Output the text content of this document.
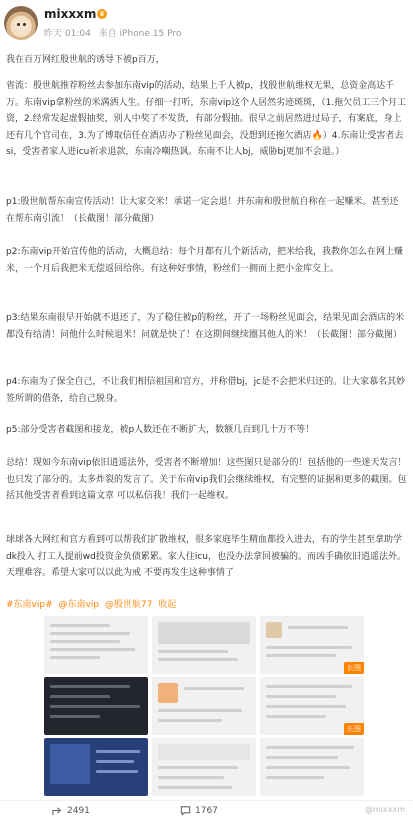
mixxxm ♛
昨天 01:04 来自 iPhone 15 Pro
我在百万网红殷世航的诱导下被p百万，
省流：殷世航推荐粉丝去参加东南vip的活动，结果上千人被p，找殷世航维权无果，总资金高达千万。东南vip拿粉丝的米满洒人生。仔细一打听，东南vip这个人居然劣迹斑斑，（1.拖欠员工三个月工资，2.经常发起虚假抽奖，别人中奖了不发货，有部分假抽。很早之前居然进过局子，有案底，身上还有几个官司在，3.为了博取信任在酒店办了粉丝见面会，没想到还拖欠酒店🔥）4.东南让受害者去si，受害者家人进icu祈求退款，东南冷嘲热讽。东南不让人bj，威胁bj更加不会退。）
p1:殷世航帮东南宣传活动！让大家交米！承诺一定会退！并东南和殷世航自称在一起赚米。甚至还在帮东南引流！（长截图！部分截图）
p2:东南vip开始宣传他的活动，大概总结：每个月都有几个新活动，把米给我，我教你怎么在网上赚米，一个月后我把米无偿返回给你。有这种好事情，粉丝们一拥而上把小金库交上。
p3:结果东南很早开始就不退还了，为了稳住被p的粉丝，开了一场粉丝见面会，结果见面会酒店的米都没有结清！问他什么时候退米！问就是快了！在这期间继续圈其他人的米！（长截图！部分截图）
p4:东南为了保全自己，不让我们相信祖国和官方，并称借bj，jc是不会把米归还的。让大家慕名其妙签所谓的借条，给自己脱身。
p5:部分受害者截图和接龙，被p人数还在不断扩大，数额几百到几十万不等！
总结！现如今东南vip依旧逍遥法外，受害者不断增加！这些图只是部分的！包括他的一些迷天发言！也只发了部分的。太多炸裂的发言了。关于东南vip我们会继续维权，有完整的证据和更多的截图。包括其他受害者看到这篇文章 可以私信我！我们一起维权。
球球各大网红和官方看到可以帮我们扩散维权，很多家庭毕生精血都投入进去，有的学生甚至拿助学dk投入 打工人提前wd投资金负债累累。家人住icu，也没办法拿回被骗的。而凶手确依旧逍遥法外。天理难容。希望大家可以以此为戒 不要再发生这种事情了
#东南vip# @东南vip @殷世航77 收起
长图
长图
2491	1767	@mixxxm
